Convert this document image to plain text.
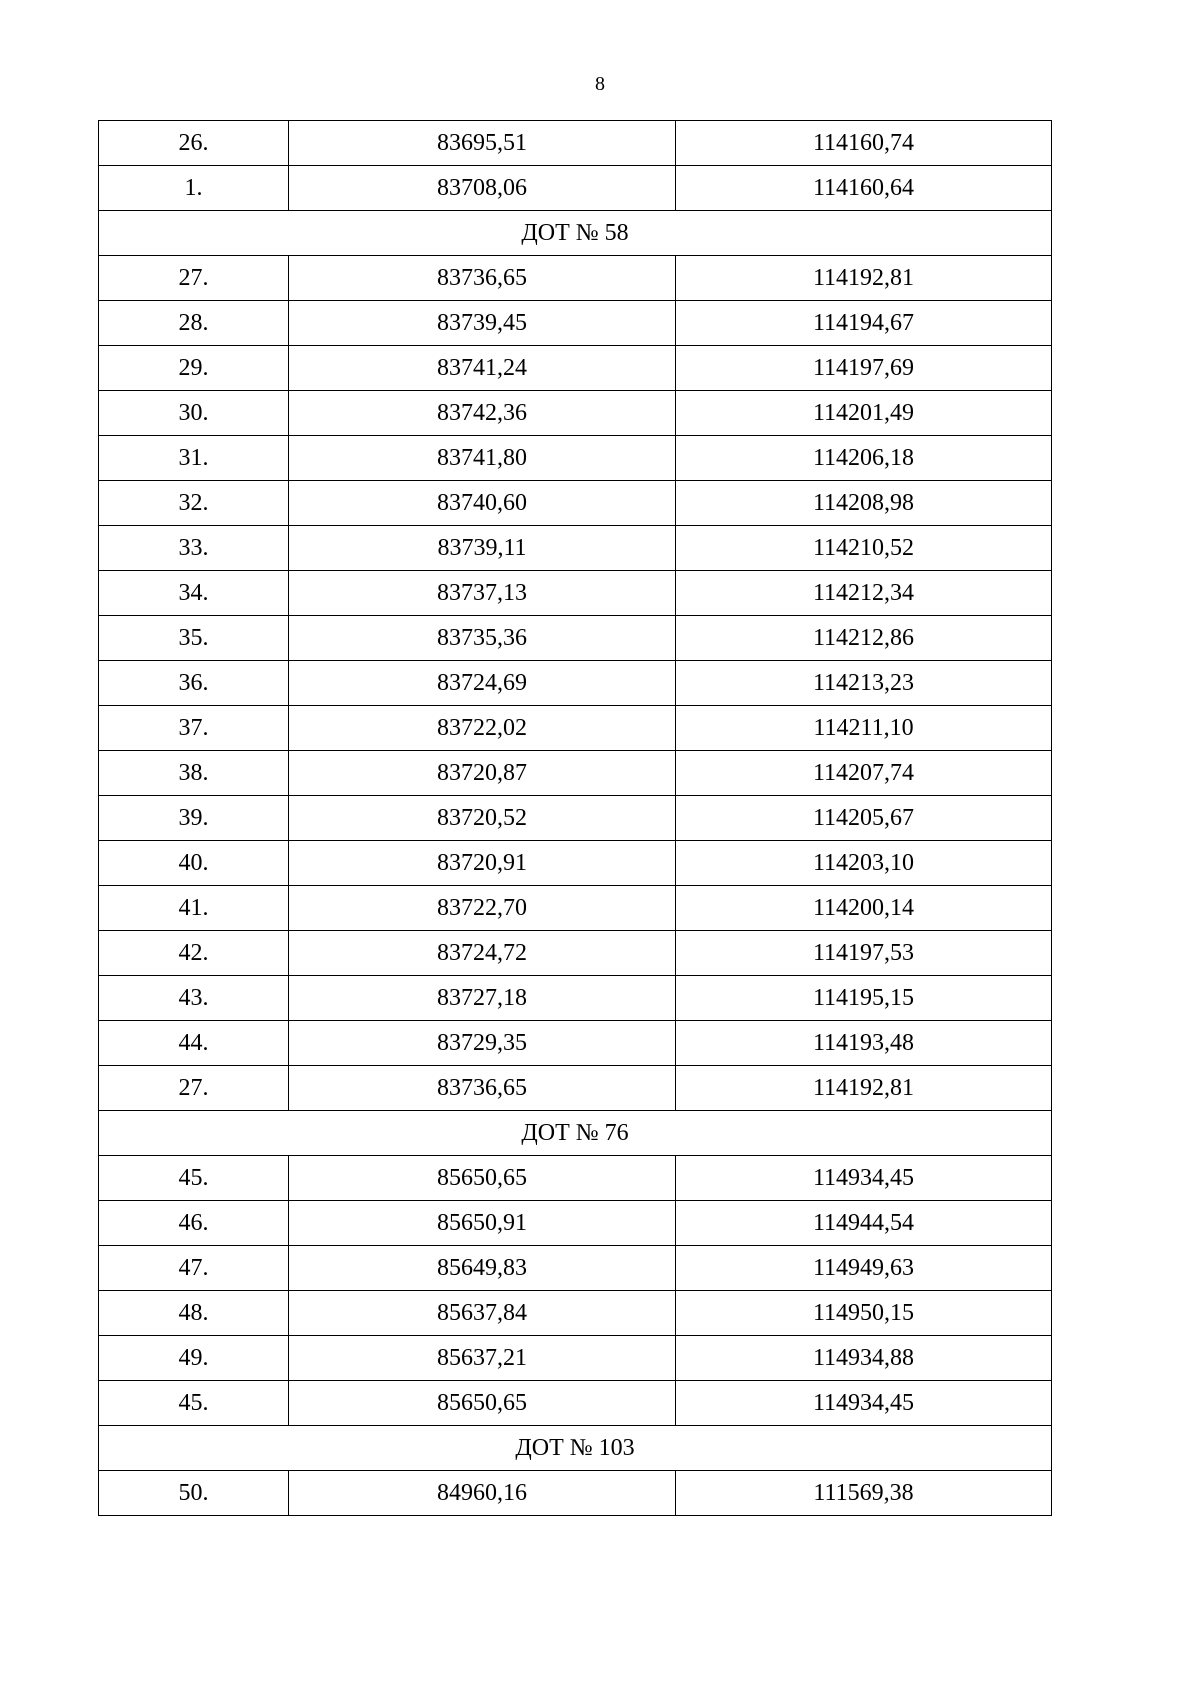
8
26.	83695,51	114160,74
1.	83708,06	114160,64
ДОТ № 58		
27.	83736,65	114192,81
28.	83739,45	114194,67
29.	83741,24	114197,69
30.	83742,36	114201,49
31.	83741,80	114206,18
32.	83740,60	114208,98
33.	83739,11	114210,52
34.	83737,13	114212,34
35.	83735,36	114212,86
36.	83724,69	114213,23
37.	83722,02	114211,10
38.	83720,87	114207,74
39.	83720,52	114205,67
40.	83720,91	114203,10
41.	83722,70	114200,14
42.	83724,72	114197,53
43.	83727,18	114195,15
44.	83729,35	114193,48
27.	83736,65	114192,81
ДОТ № 76		
45.	85650,65	114934,45
46.	85650,91	114944,54
47.	85649,83	114949,63
48.	85637,84	114950,15
49.	85637,21	114934,88
45.	85650,65	114934,45
ДОТ № 103		
50.	84960,16	111569,38
